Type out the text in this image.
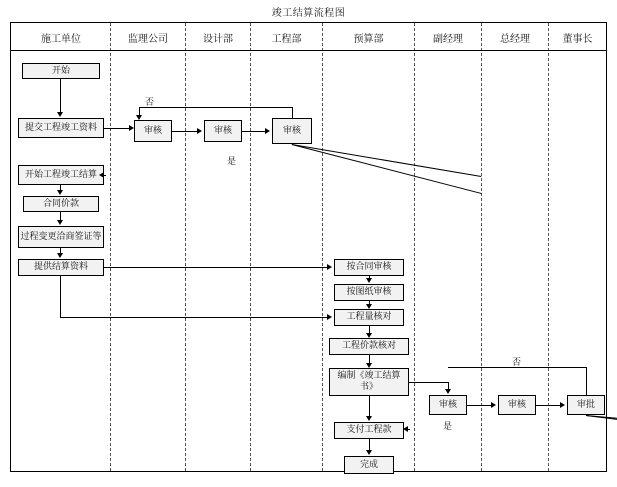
竣工结算流程图
施工单位	监理公司	设计部	工程部	预算部	副经理	总经理	董事长
开始
提交工程竣工资料
开始工程竣工结算
合同价款
过程变更洽商签证等
提供结算资料
审核	审核	审核
否
是
按合同审核
按图纸审核
工程量核对
工程价款核对
编制《竣工结算书》
支付工程款
完成
审核	审核	审批
否
是
